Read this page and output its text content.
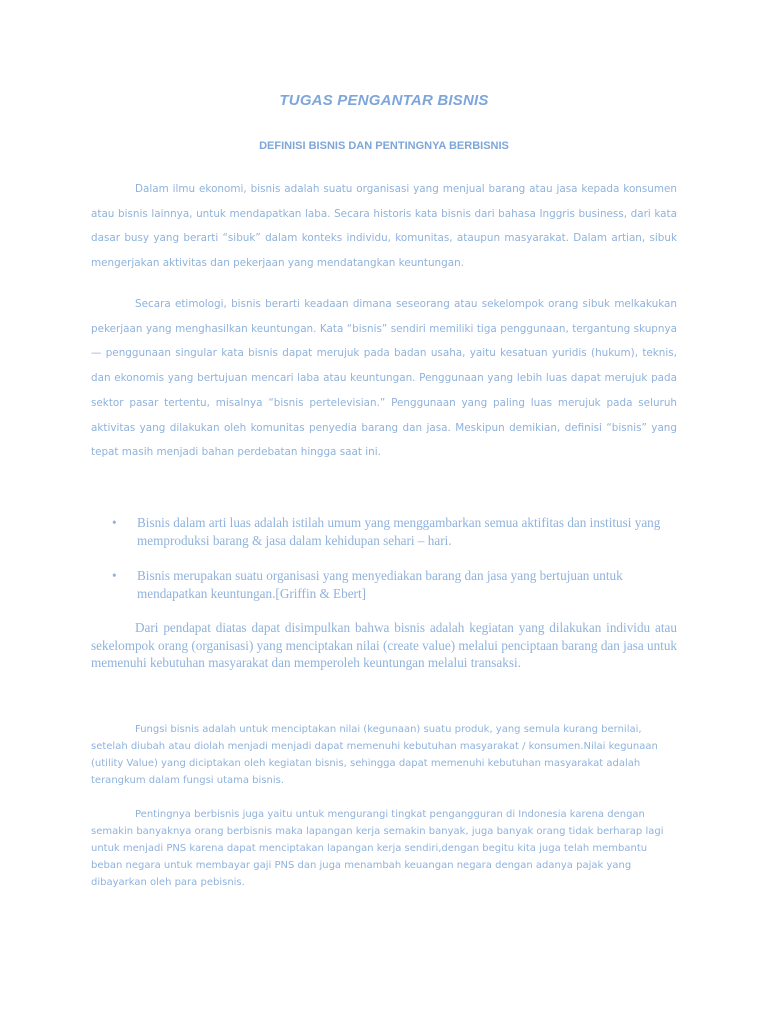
TUGAS PENGANTAR BISNIS
DEFINISI BISNIS DAN PENTINGNYA BERBISNIS

Dalam ilmu ekonomi, bisnis adalah suatu organisasi yang menjual barang atau jasa kepada konsumen atau bisnis lainnya, untuk mendapatkan laba. Secara historis kata bisnis dari bahasa Inggris business, dari kata dasar busy yang berarti “sibuk” dalam konteks individu, komunitas, ataupun masyarakat. Dalam artian, sibuk mengerjakan aktivitas dan pekerjaan yang mendatangkan keuntungan.

Secara etimologi, bisnis berarti keadaan dimana seseorang atau sekelompok orang sibuk melkakukan pekerjaan yang menghasilkan keuntungan. Kata “bisnis” sendiri memiliki tiga penggunaan, tergantung skupnya — penggunaan singular kata bisnis dapat merujuk pada badan usaha, yaitu kesatuan yuridis (hukum), teknis, dan ekonomis yang bertujuan mencari laba atau keuntungan. Penggunaan yang lebih luas dapat merujuk pada sektor pasar tertentu, misalnya “bisnis pertelevisian.” Penggunaan yang paling luas merujuk pada seluruh aktivitas yang dilakukan oleh komunitas penyedia barang dan jasa. Meskipun demikian, definisi “bisnis” yang tepat masih menjadi bahan perdebatan hingga saat ini.

• Bisnis dalam arti luas adalah istilah umum yang menggambarkan semua aktifitas dan institusi yang memproduksi barang & jasa dalam kehidupan sehari – hari.
• Bisnis merupakan suatu organisasi yang menyediakan barang dan jasa yang bertujuan untuk mendapatkan keuntungan.[Griffin & Ebert]

Dari pendapat diatas dapat disimpulkan bahwa bisnis adalah kegiatan yang dilakukan individu atau sekelompok orang (organisasi) yang menciptakan nilai (create value) melalui penciptaan barang dan jasa untuk memenuhi kebutuhan masyarakat dan memperoleh keuntungan melalui transaksi.

Fungsi bisnis adalah untuk menciptakan nilai (kegunaan) suatu produk, yang semula kurang bernilai, setelah diubah atau diolah menjadi menjadi dapat memenuhi kebutuhan masyarakat / konsumen.Nilai kegunaan (utility Value) yang diciptakan oleh kegiatan bisnis, sehingga dapat memenuhi kebutuhan masyarakat adalah terangkum dalam fungsi utama bisnis.

Pentingnya berbisnis juga yaitu untuk mengurangi tingkat pengangguran di Indonesia karena dengan semakin banyaknya orang berbisnis maka lapangan kerja semakin banyak, juga banyak orang tidak berharap lagi untuk menjadi PNS karena dapat menciptakan lapangan kerja sendiri,dengan begitu kita juga telah membantu beban negara untuk membayar gaji PNS dan juga menambah keuangan negara dengan adanya pajak yang dibayarkan oleh para pebisnis.
